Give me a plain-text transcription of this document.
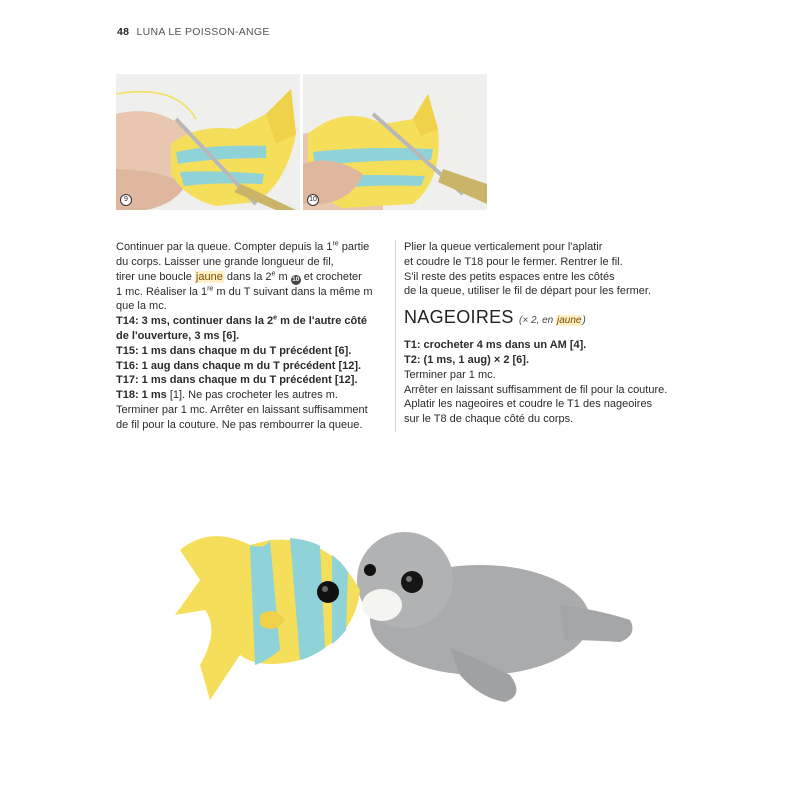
48 LUNA LE POISSON-ANGE
9	10
Continuer par la queue. Compter depuis la 1re partie
du corps. Laisser une grande longueur de fil,
tirer une boucle jaune dans la 2e m 10 et crocheter
1 mc. Réaliser la 1re m du T suivant dans la même m
que la mc.
T14: 3 ms, continuer dans la 2e m de l'autre côté
de l'ouverture, 3 ms [6].
T15: 1 ms dans chaque m du T précédent [6].
T16: 1 aug dans chaque m du T précédent [12].
T17: 1 ms dans chaque m du T précédent [12].
T18: 1 ms [1]. Ne pas crocheter les autres m.
Terminer par 1 mc. Arrêter en laissant suffisamment
de fil pour la couture. Ne pas rembourrer la queue.
Plier la queue verticalement pour l'aplatir
et coudre le T18 pour le fermer. Rentrer le fil.
S'il reste des petits espaces entre les côtés
de la queue, utiliser le fil de départ pour les fermer.
NAGEOIRES (× 2, en jaune)
T1: crocheter 4 ms dans un AM [4].
T2: (1 ms, 1 aug) × 2 [6].
Terminer par 1 mc.
Arrêter en laissant suffisamment de fil pour la couture.
Aplatir les nageoires et coudre le T1 des nageoires
sur le T8 de chaque côté du corps.
